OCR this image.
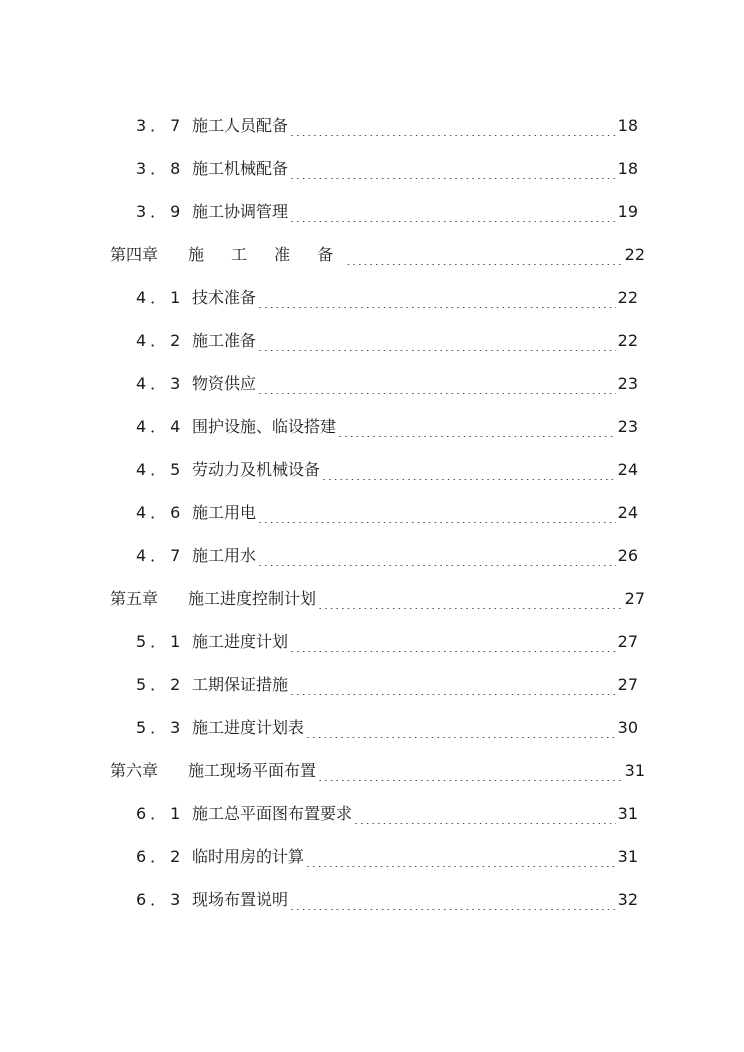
3．7 施工人员配备 .....	18
3．8 施工机械配备 .....	18
3．9 施工协调管理 .....	19
第四章	施 工 准 备 .....	22
4．1 技术准备 .....	22
4．2 施工准备 .....	22
4．3 物资供应 .....	23
4．4 围护设施、临设搭建 .....	23
4．5 劳动力及机械设备 .....	24
4．6 施工用电 .....	24
4．7 施工用水 .....	26
第五章	施工进度控制计划 .....	27
5．1 施工进度计划 .....	27
5．2 工期保证措施 .....	27
5．3 施工进度计划表 .....	30
第六章	施工现场平面布置 .....	31
6．1 施工总平面图布置要求 .....	31
6．2 临时用房的计算 .....	31
6．3 现场布置说明 .....	32
